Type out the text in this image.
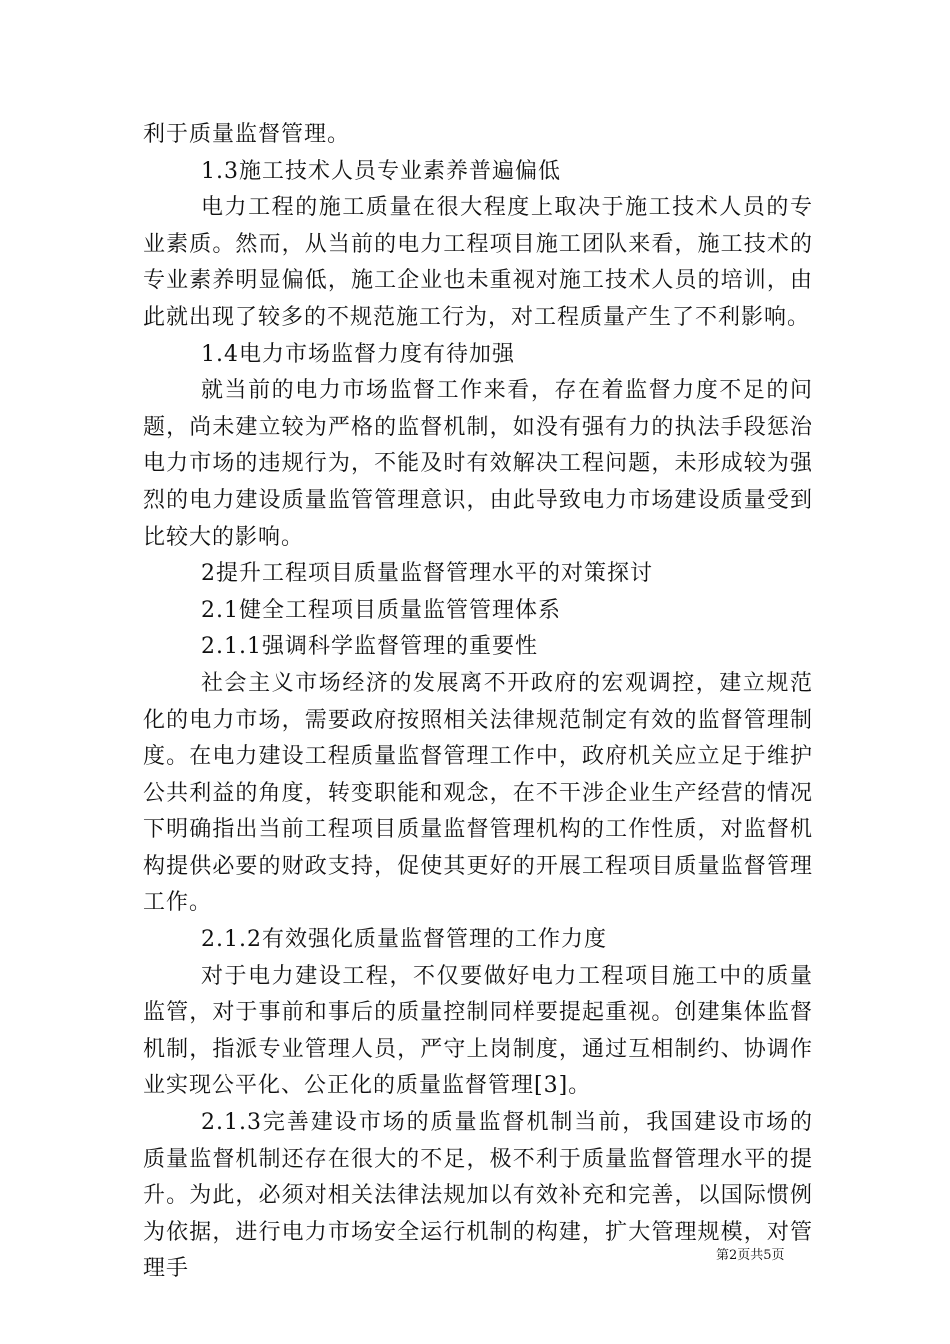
利于质量监督管理。

1.3施工技术人员专业素养普遍偏低

电力工程的施工质量在很大程度上取决于施工技术人员的专业素质。然而，从当前的电力工程项目施工团队来看，施工技术的专业素养明显偏低，施工企业也未重视对施工技术人员的培训，由此就出现了较多的不规范施工行为，对工程质量产生了不利影响。

1.4电力市场监督力度有待加强

就当前的电力市场监督工作来看，存在着监督力度不足的问题，尚未建立较为严格的监督机制，如没有强有力的执法手段惩治电力市场的违规行为，不能及时有效解决工程问题，未形成较为强烈的电力建设质量监管管理意识，由此导致电力市场建设质量受到比较大的影响。

2提升工程项目质量监督管理水平的对策探讨

2.1健全工程项目质量监管管理体系

2.1.1强调科学监督管理的重要性

社会主义市场经济的发展离不开政府的宏观调控，建立规范化的电力市场，需要政府按照相关法律规范制定有效的监督管理制度。在电力建设工程质量监督管理工作中，政府机关应立足于维护公共利益的角度，转变职能和观念，在不干涉企业生产经营的情况下明确指出当前工程项目质量监督管理机构的工作性质，对监督机构提供必要的财政支持，促使其更好的开展工程项目质量监督管理工作。

2.1.2有效强化质量监督管理的工作力度

对于电力建设工程，不仅要做好电力工程项目施工中的质量监管，对于事前和事后的质量控制同样要提起重视。创建集体监督机制，指派专业管理人员，严守上岗制度，通过互相制约、协调作业实现公平化、公正化的质量监督管理[3]。

2.1.3完善建设市场的质量监督机制当前，我国建设市场的质量监督机制还存在很大的不足，极不利于质量监督管理水平的提升。为此，必须对相关法律法规加以有效补充和完善，以国际惯例为依据，进行电力市场安全运行机制的构建，扩大管理规模，对管理手

第2页共5页
